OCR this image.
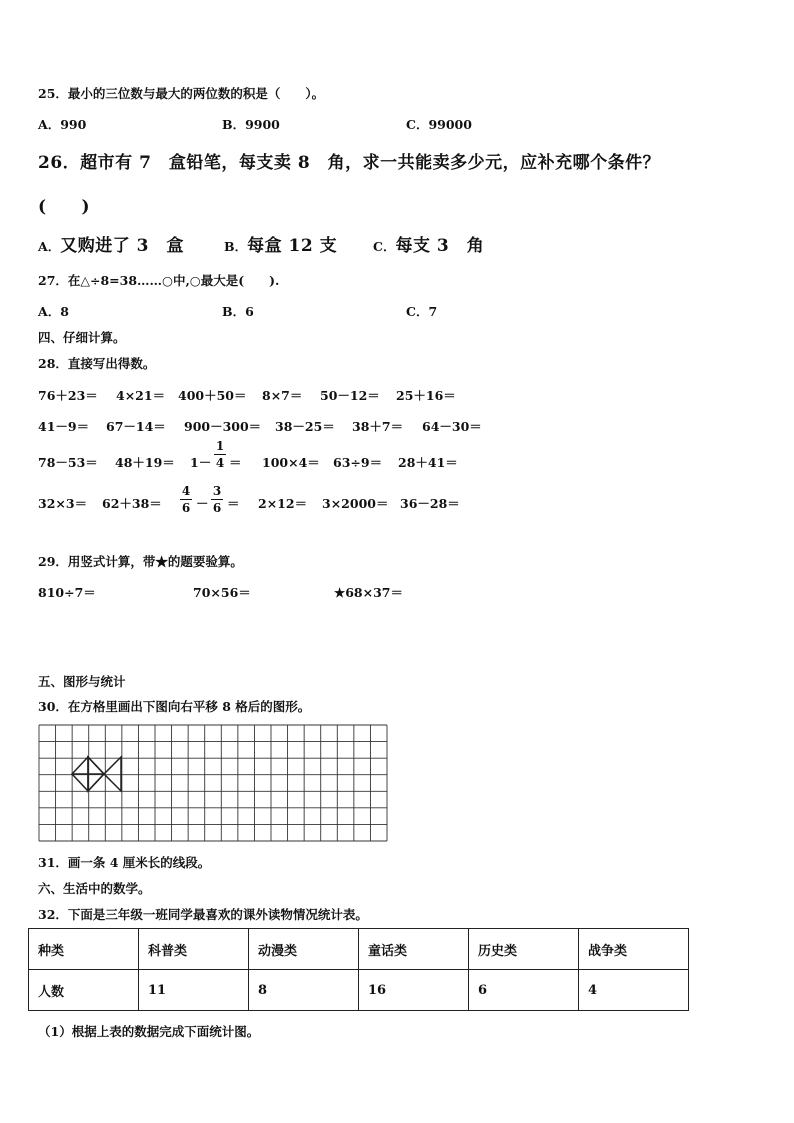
25．最小的三位数与最大的两位数的积是（　　）。
A．990	B．9900	C．99000
26．超市有 7　盒铅笔，每支卖 8　角，求一共能卖多少元，应补充哪个条件？
(　　)
A．又购进了 3　盒	B．每盒 12 支	C．每支 3　角
27．在△÷8=38……○中,○最大是(　　).
A．8	B．6	C．7
四、仔细计算。
28．直接写出得数。
76＋23＝ 4×21＝ 400＋50＝ 8×7＝ 50－12＝ 25＋16＝
41－9＝ 67－14＝ 900－300＝ 38－25＝ 38＋7＝ 64－30＝
78－53＝ 48＋19＝ 1－
1
4 ＝ 100×4＝ 63÷9＝ 28＋41＝
32×3＝ 62＋38＝
4
6 －
3
6 ＝ 2×12＝ 3×2000＝ 36－28＝
29．用竖式计算，带★的题要验算。
810÷7＝	70×56＝	★68×37＝
五、图形与统计
30．在方格里画出下图向右平移 8 格后的图形。
31．画一条 4 厘米长的线段。
六、生活中的数学。
32．下面是三年级一班同学最喜欢的课外读物情况统计表。
种类	科普类	动漫类	童话类	历史类	战争类
人数	11	8	16	6	4
（1）根据上表的数据完成下面统计图。
